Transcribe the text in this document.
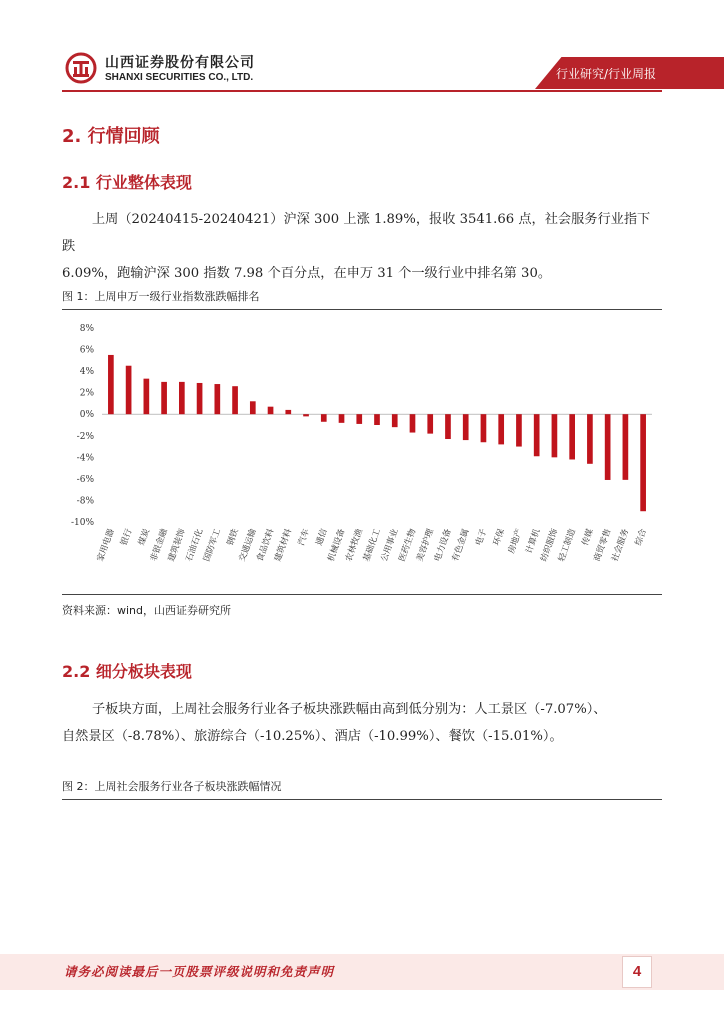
山西证券股份有限公司
SHANXI SECURITIES CO., LTD.	行业研究/行业周报
2. 行情回顾
2.1 行业整体表现
上周（20240415-20240421）沪深 300 上涨 1.89%，报收 3541.66 点，社会服务行业指下跌
6.09%，跑输沪深 300 指数 7.98 个百分点，在申万 31 个一级行业中排名第 30。
图 1：上周申万一级行业指数涨跌幅排名
8%
6%
4%
2%
0%
-2%
-4%
-6%
-8%
-10%
家用电器 银行 煤炭
非银金融
建筑装饰
石油石化
国防军工 钢铁
交通运输
食品饮料
建筑材料 汽车 通信
机械设备
农林牧渔
基础化工
公用事业
医药生物
美容护理
电力设备
有色金属 电子 环保 房地产 计算机
纺织服饰
轻工制造 传媒
商贸零售
社会服务 综合
资料来源：wind，山西证券研究所
2.2 细分板块表现
子板块方面，上周社会服务行业各子板块涨跌幅由高到低分别为：人工景区（-7.07%）、
自然景区（-8.78%）、旅游综合（-10.25%）、酒店（-10.99%）、餐饮（-15.01%）。
图 2：上周社会服务行业各子板块涨跌幅情况
请务必阅读最后一页股票评级说明和免责声明	4
